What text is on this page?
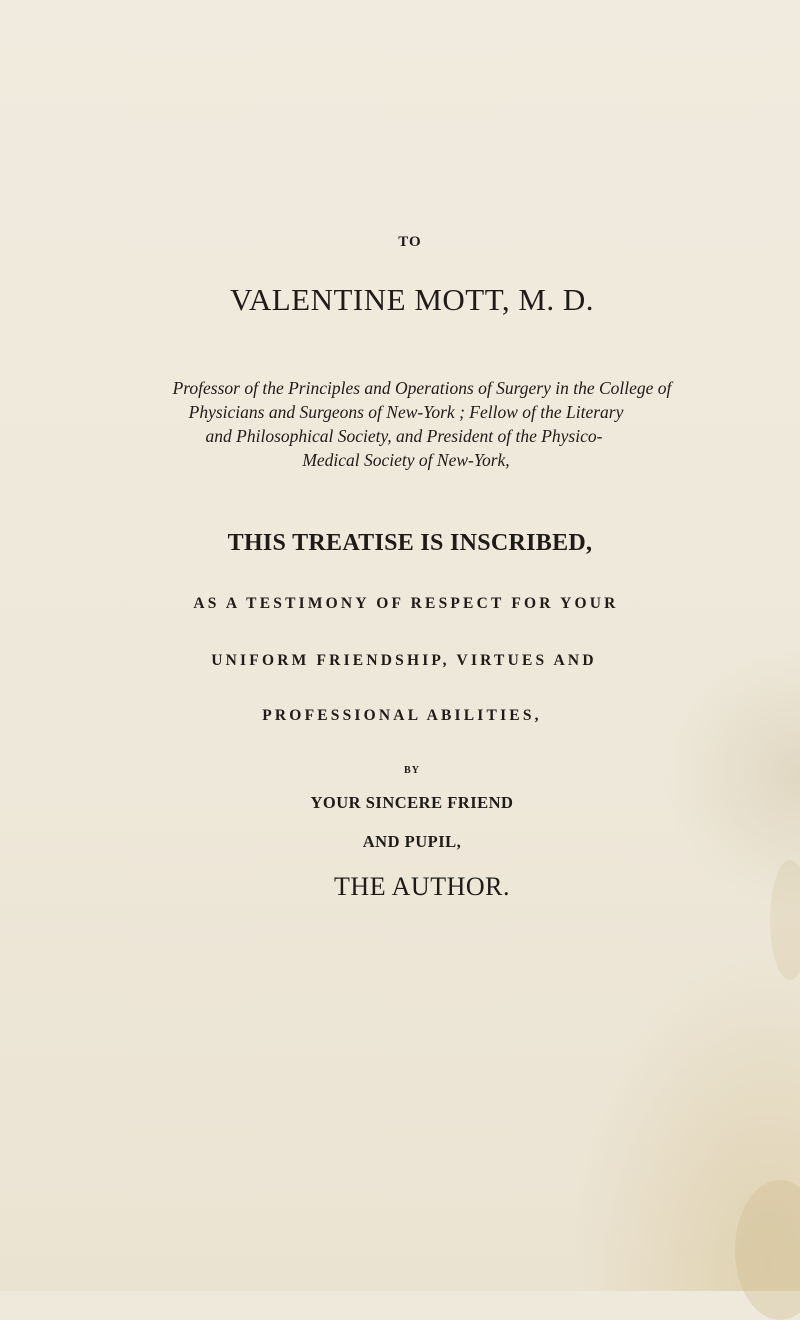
TO
VALENTINE MOTT, M. D.
Professor of the Principles and Operations of Surgery in the College of
Physicians and Surgeons of New-York ; Fellow of the Literary
and Philosophical Society, and President of the Physico-
Medical Society of New-York,
THIS TREATISE IS INSCRIBED,
AS A TESTIMONY OF RESPECT FOR YOUR
UNIFORM FRIENDSHIP, VIRTUES AND
PROFESSIONAL ABILITIES,
BY
YOUR SINCERE FRIEND
AND PUPIL,
THE AUTHOR.
